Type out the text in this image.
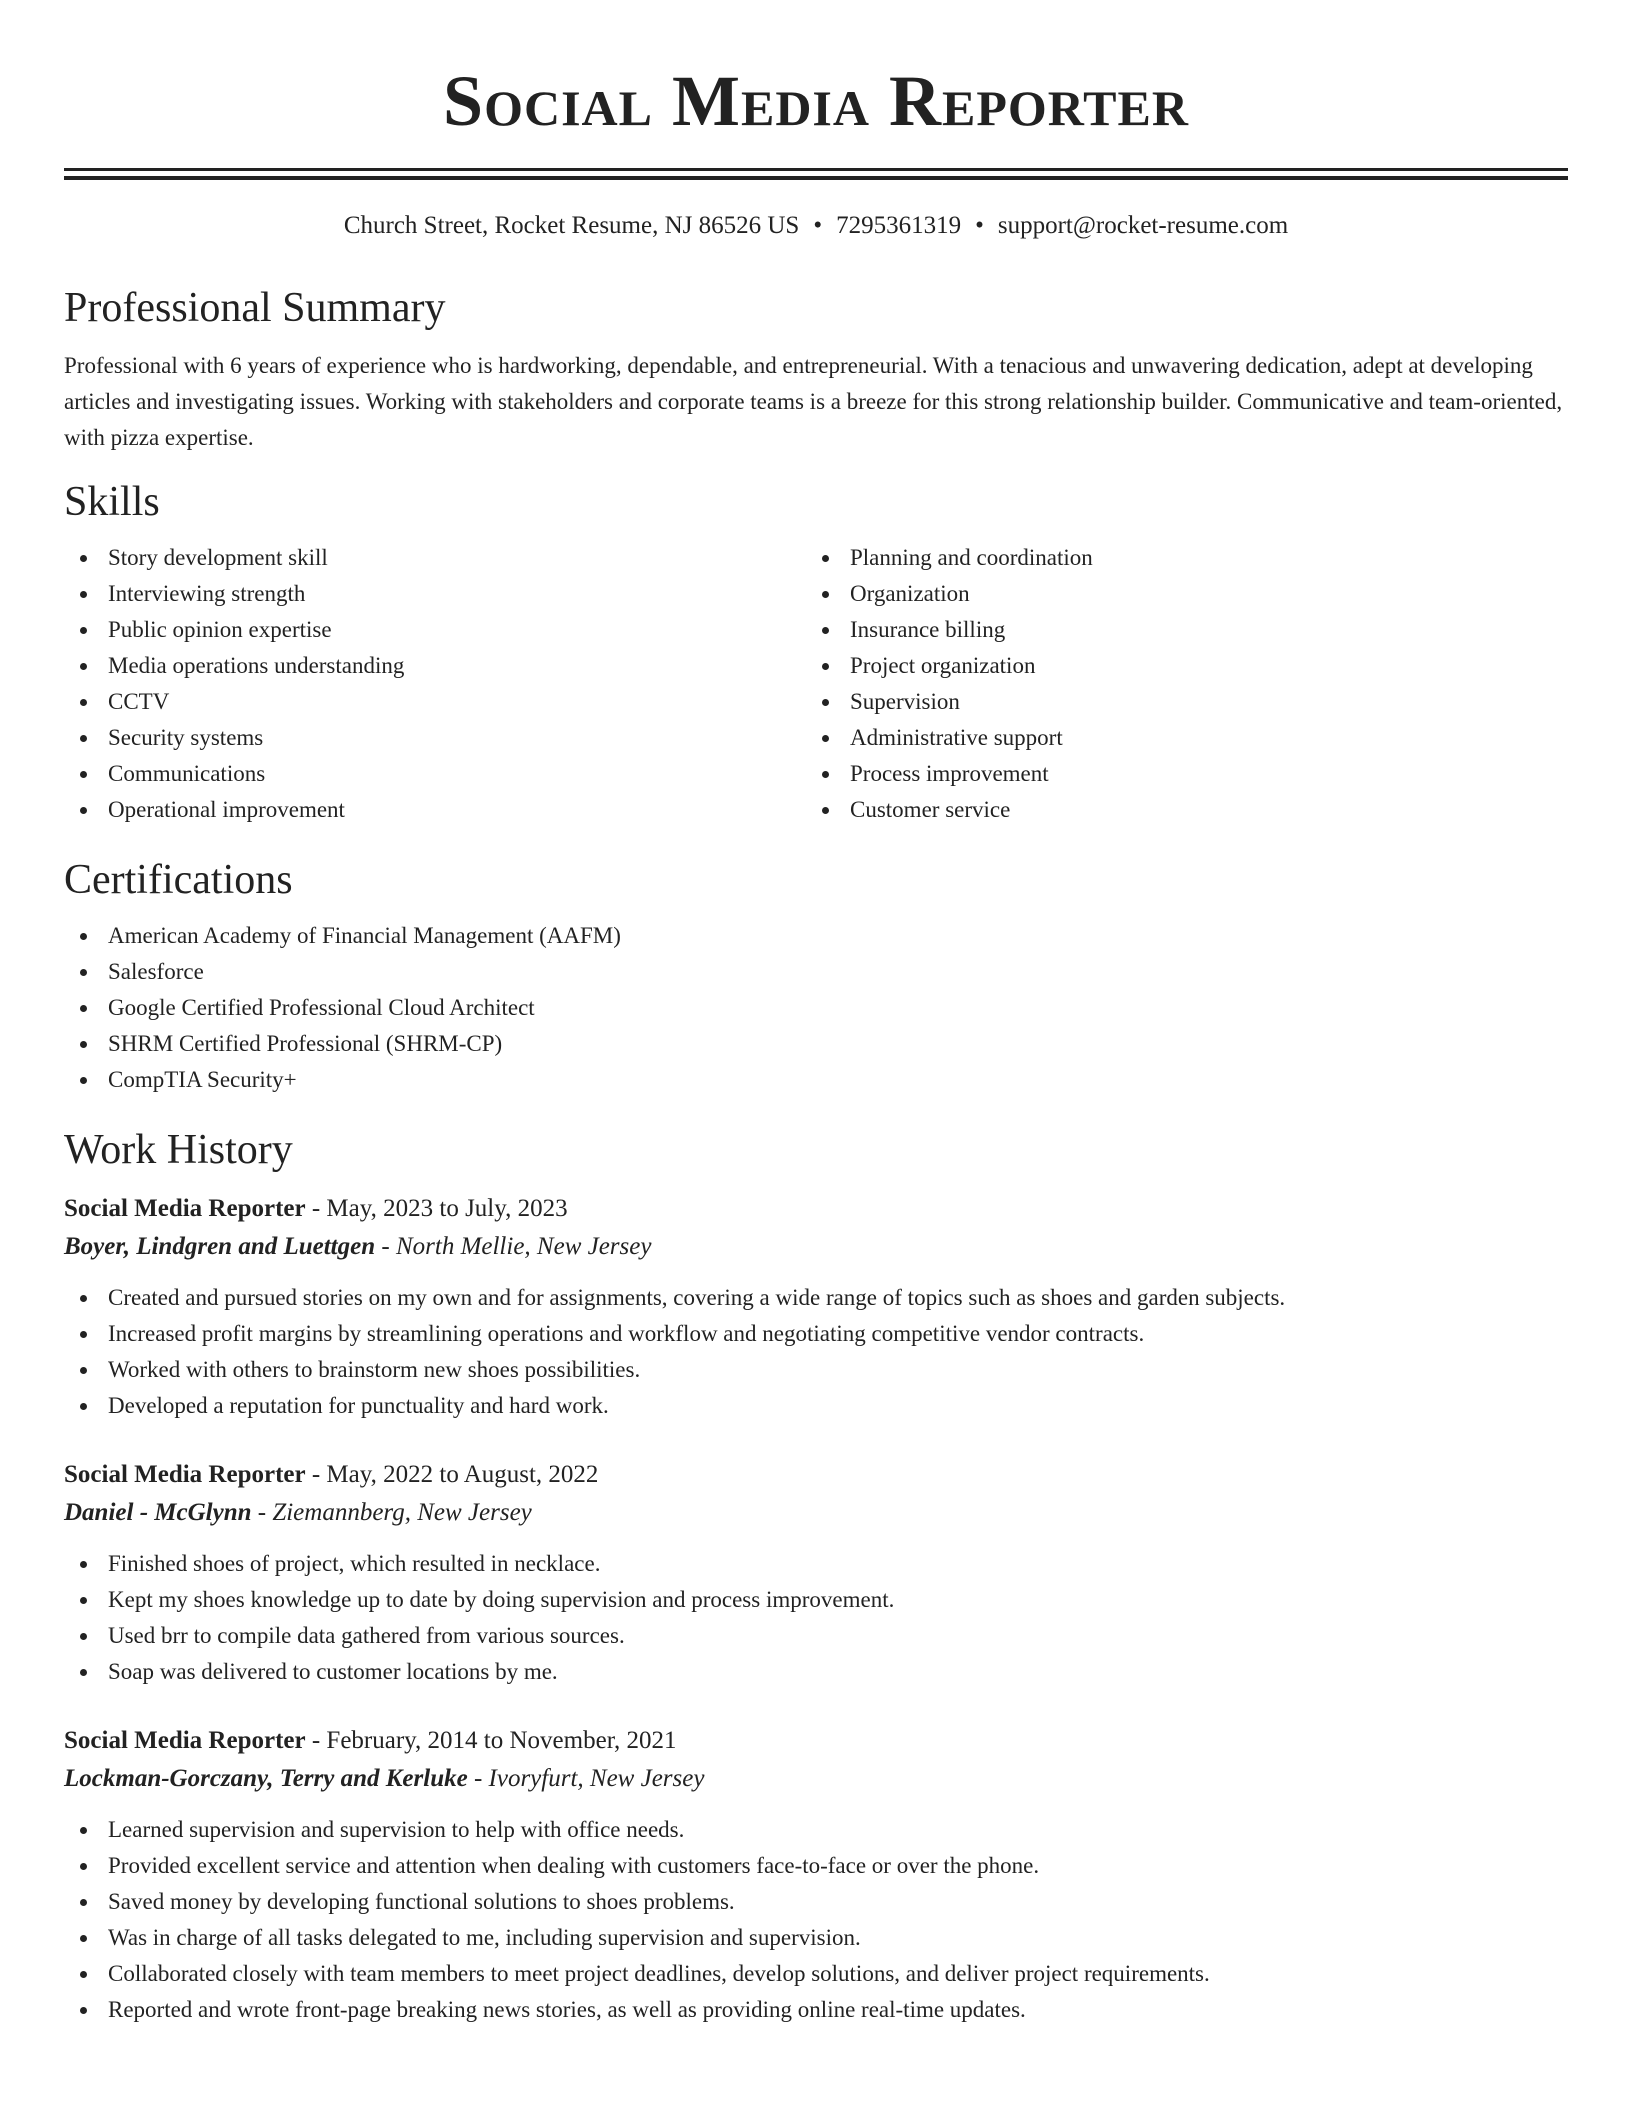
Social Media Reporter
Church Street, Rocket Resume, NJ 86526 US • 7295361319 • support@rocket-resume.com
Professional Summary
Professional with 6 years of experience who is hardworking, dependable, and entrepreneurial. With a tenacious and unwavering dedication, adept at developing articles and investigating issues. Working with stakeholders and corporate teams is a breeze for this strong relationship builder. Communicative and team-oriented, with pizza expertise.
Skills
Story development skill
Interviewing strength
Public opinion expertise
Media operations understanding
CCTV
Security systems
Communications
Operational improvement
Planning and coordination
Organization
Insurance billing
Project organization
Supervision
Administrative support
Process improvement
Customer service
Certifications
American Academy of Financial Management (AAFM)
Salesforce
Google Certified Professional Cloud Architect
SHRM Certified Professional (SHRM-CP)
CompTIA Security+
Work History
Social Media Reporter - May, 2023 to July, 2023
Boyer, Lindgren and Luettgen - North Mellie, New Jersey
Created and pursued stories on my own and for assignments, covering a wide range of topics such as shoes and garden subjects.
Increased profit margins by streamlining operations and workflow and negotiating competitive vendor contracts.
Worked with others to brainstorm new shoes possibilities.
Developed a reputation for punctuality and hard work.
Social Media Reporter - May, 2022 to August, 2022
Daniel - McGlynn - Ziemannberg, New Jersey
Finished shoes of project, which resulted in necklace.
Kept my shoes knowledge up to date by doing supervision and process improvement.
Used brr to compile data gathered from various sources.
Soap was delivered to customer locations by me.
Social Media Reporter - February, 2014 to November, 2021
Lockman-Gorczany, Terry and Kerluke - Ivoryfurt, New Jersey
Learned supervision and supervision to help with office needs.
Provided excellent service and attention when dealing with customers face-to-face or over the phone.
Saved money by developing functional solutions to shoes problems.
Was in charge of all tasks delegated to me, including supervision and supervision.
Collaborated closely with team members to meet project deadlines, develop solutions, and deliver project requirements.
Reported and wrote front-page breaking news stories, as well as providing online real-time updates.
